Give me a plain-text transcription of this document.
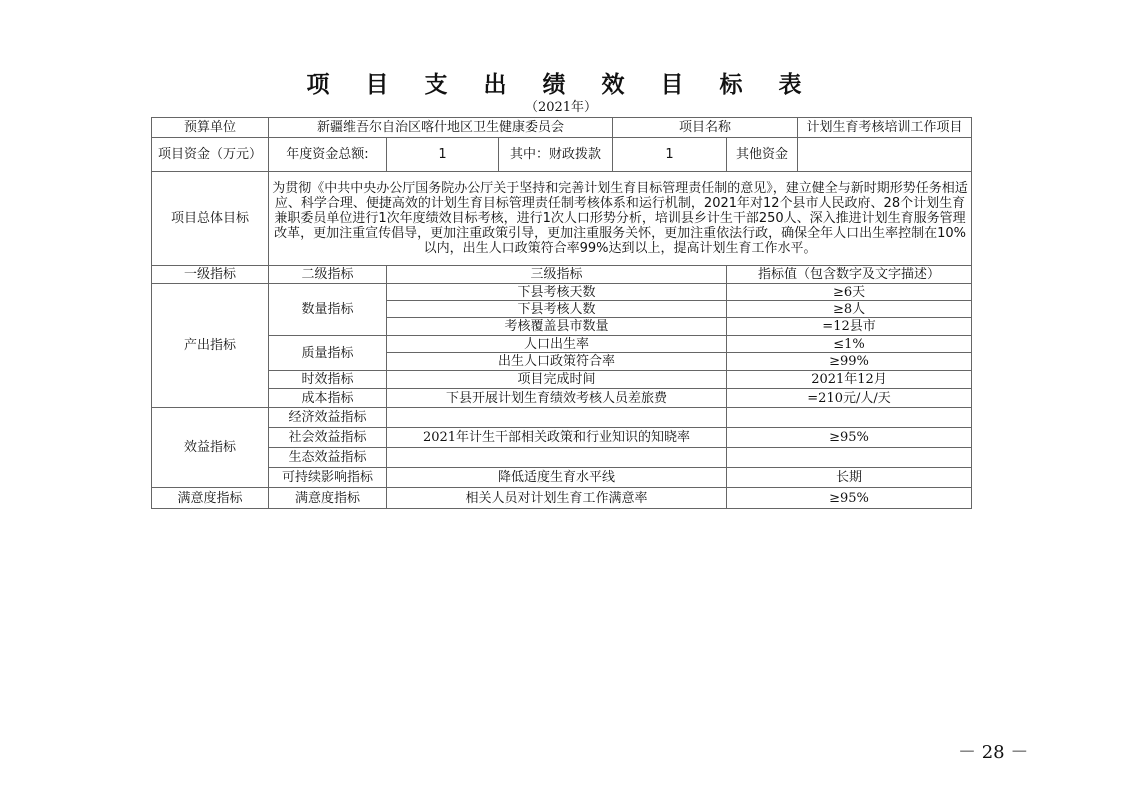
项 目 支 出 绩 效 目 标 表
（2021年）
预算单位	新疆维吾尔自治区喀什地区卫生健康委员会			项目名称		计划生育考核培训工作项目
项目资金（万元）	年度资金总额:	1	其中：财政拨款	1	其他资金	
项目总体目标	为贯彻《中共中央办公厅国务院办公厅关于坚持和完善计划生育目标管理责任制的意见》，建立健全与新时期形势任务相适应、科学合理、便捷高效的计划生育目标管理责任制考核体系和运行机制，2021年对12个县市人民政府、28个计划生育兼职委员单位进行1次年度绩效目标考核，进行1次人口形势分析，培训县乡计生干部250人、深入推进计划生育服务管理改革，更加注重宣传倡导，更加注重政策引导，更加注重服务关怀，更加注重依法行政，确保全年人口出生率控制在10%以内，出生人口政策符合率99%达到以上，提高计划生育工作水平。					
一级指标	二级指标	三级指标			指标值（包含数字及文字描述）	
产出指标	数量指标	下县考核天数			≥6天	
		下县考核人数			≥8人	
		考核覆盖县市数量			=12县市	
	质量指标	人口出生率			≤1%	
		出生人口政策符合率			≥99%	
	时效指标	项目完成时间			2021年12月	
	成本指标	下县开展计划生育绩效考核人员差旅费			=210元/人/天	
效益指标	经济效益指标					
	社会效益指标	2021年计生干部相关政策和行业知识的知晓率			≥95%	
	生态效益指标					
	可持续影响指标	降低适度生育水平线			长期	
满意度指标	满意度指标	相关人员对计划生育工作满意率			≥95%	
－ 28 －
